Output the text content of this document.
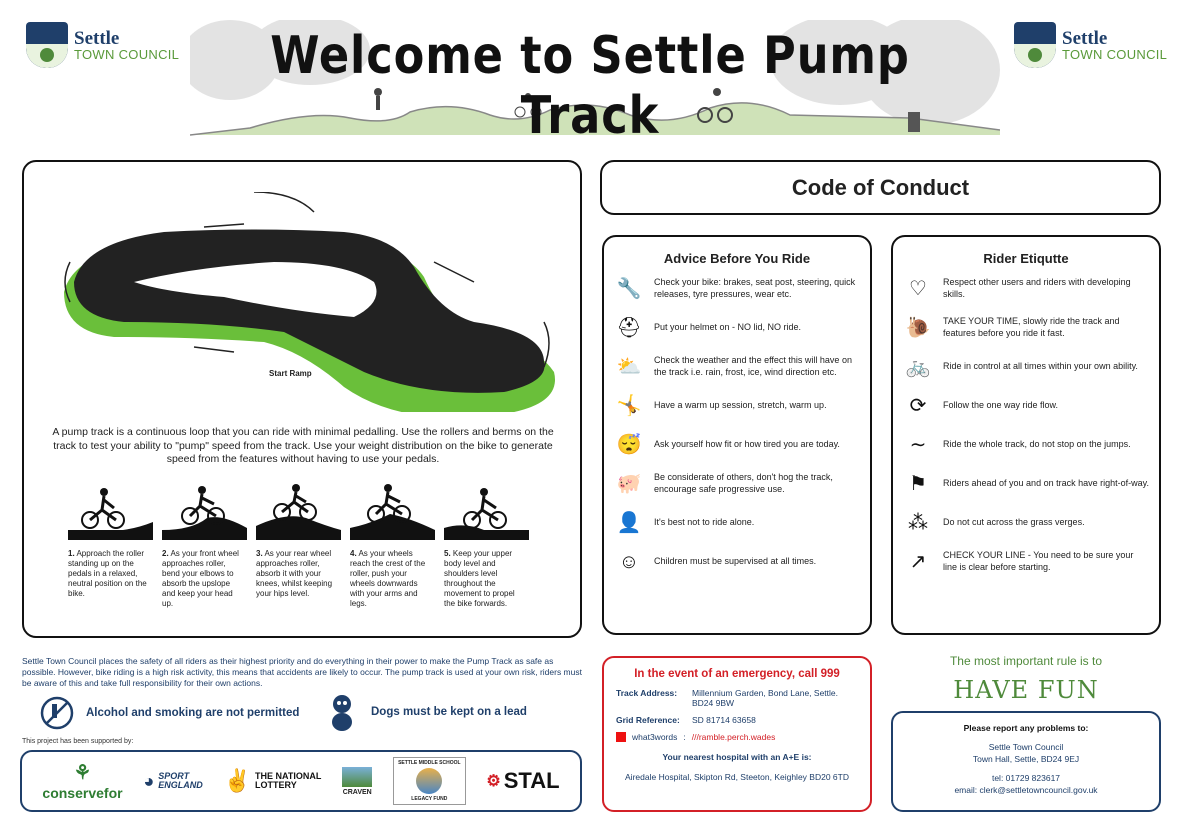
Settle
TOWN COUNCIL
Settle
TOWN COUNCIL
Welcome to Settle Pump Track
Start Ramp
A pump track is a continuous loop that you can ride with minimal pedalling. Use the rollers and berms on the track to test your ability to "pump" speed from the track. Use your weight distribution on the bike to generate speed from the features without having to use your pedals.
1. Approach the roller standing up on the pedals in a relaxed, neutral position on the bike.
2. As your front wheel approaches roller, bend your elbows to absorb the upslope and keep your head up.
3. As your rear wheel approaches roller, absorb it with your knees, whilst keeping your hips level.
4. As your wheels reach the crest of the roller, push your wheels downwards with your arms and legs.
5. Keep your upper body level and shoulders level throughout the movement to propel the bike forwards.
Code of Conduct
Advice Before You Ride
🔧 Check your bike: brakes, seat post, steering, quick releases, tyre pressures, wear etc.
⛑ Put your helmet on - NO lid, NO ride.
⛅ Check the weather and the effect this will have on the track i.e. rain, frost, ice, wind direction etc.
🤸 Have a warm up session, stretch, warm up.
😴 Ask yourself how fit or how tired you are today.
🐖 Be considerate of others, don't hog the track, encourage safe progressive use.
👤 It's best not to ride alone.
☺	Children must be supervised at all times.
Rider Etiqutte
♡	Respect other users and riders with developing skills.
🐌 TAKE YOUR TIME, slowly ride the track and features before you ride it fast.
🚲 Ride in control at all times within your own ability.
⟳	Follow the one way ride flow.
∼	Ride the whole track, do not stop on the jumps.
⚑	Riders ahead of you and on track have right-of-way.
⁂	Do not cut across the grass verges.
↗	CHECK YOUR LINE - You need to be sure your line is clear before starting.
Settle Town Council places the safety of all riders as their highest priority and do everything in their power to make the Pump Track as safe as possible. However, bike riding is a high risk activity, this means that accidents are likely to occur. The pump track is used at your own risk, riders must be aware of this and take full responsibility for their own actions.
Alcohol and smoking are not permitted	Dogs must be kept on a lead
This project has been supported by:
⚘
conservefor
◕ SPORT
ENGLAND ✌ THE NATIONAL
LOTTERY
CRAVEN
SETTLE MIDDLE SCHOOL
LEGACY FUND
⚙ STAL
In the event of an emergency, call 999
Track Address:	Millennium Garden, Bond Lane, Settle. BD24 9BW
Grid Reference:	SD 81714 63658
what3words : ///ramble.perch.wades
Your nearest hospital with an A+E is:
Airedale Hospital, Skipton Rd, Steeton, Keighley BD20 6TD
The most important rule is to
HAVE FUN
Please report any problems to:
Settle Town Council
Town Hall, Settle, BD24 9EJ
tel: 01729 823617
email: clerk@settletowncouncil.gov.uk
